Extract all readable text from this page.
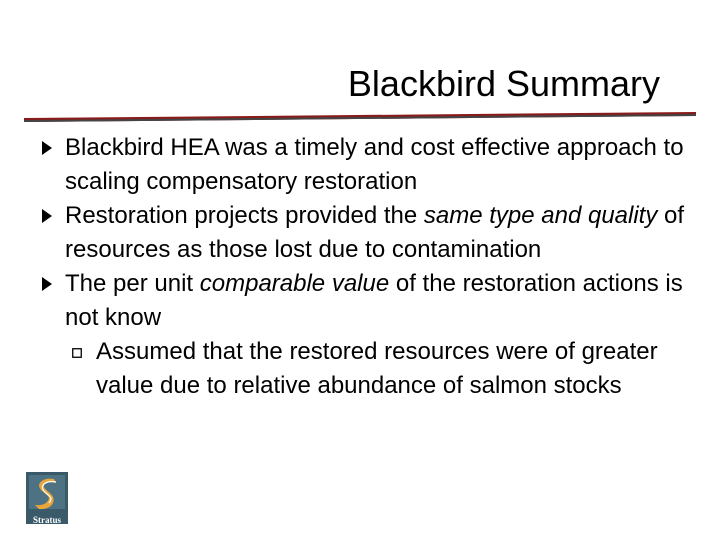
Blackbird Summary
Blackbird HEA was a timely and cost effective approach to scaling compensatory restoration
Restoration projects provided the same type and quality of resources as those lost due to contamination
The per unit comparable value of the restoration actions is not know
Assumed that the restored resources were of greater value due to relative abundance of salmon stocks
Stratus
